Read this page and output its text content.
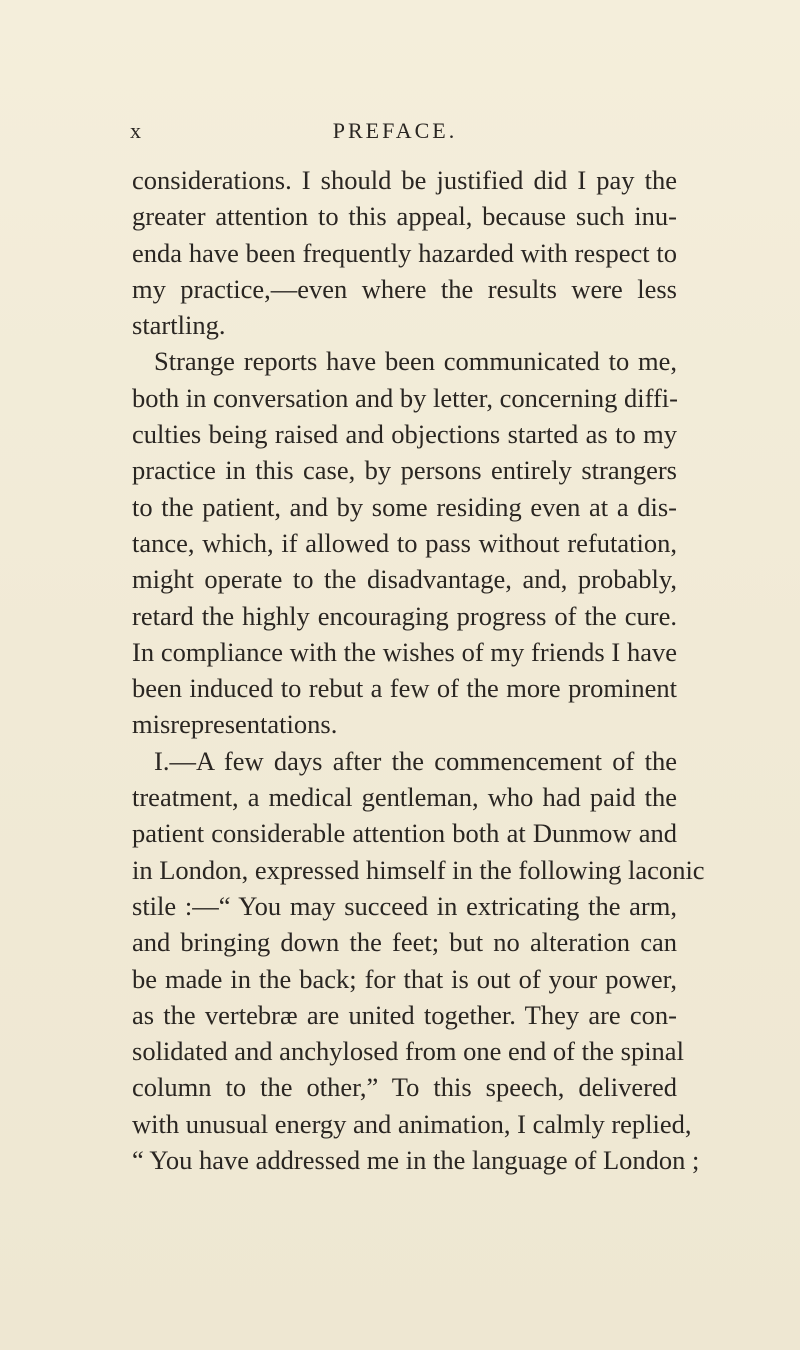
x	PREFACE.
considerations. I should be justified did I pay the
greater attention to this appeal, because such inu-
enda have been frequently hazarded with respect to
my practice,—even where the results were less
startling.
Strange reports have been communicated to me,
both in conversation and by letter, concerning diffi-
culties being raised and objections started as to my
practice in this case, by persons entirely strangers
to the patient, and by some residing even at a dis-
tance, which, if allowed to pass without refutation,
might operate to the disadvantage, and, probably,
retard the highly encouraging progress of the cure.
In compliance with the wishes of my friends I have
been induced to rebut a few of the more prominent
misrepresentations.
I.—A few days after the commencement of the
treatment, a medical gentleman, who had paid the
patient considerable attention both at Dunmow and
in London, expressed himself in the following laconic
stile :—“ You may succeed in extricating the arm,
and bringing down the feet; but no alteration can
be made in the back; for that is out of your power,
as the vertebræ are united together. They are con-
solidated and anchylosed from one end of the spinal
column to the other,” To this speech, delivered
with unusual energy and animation, I calmly replied,
“ You have addressed me in the language of London ;
